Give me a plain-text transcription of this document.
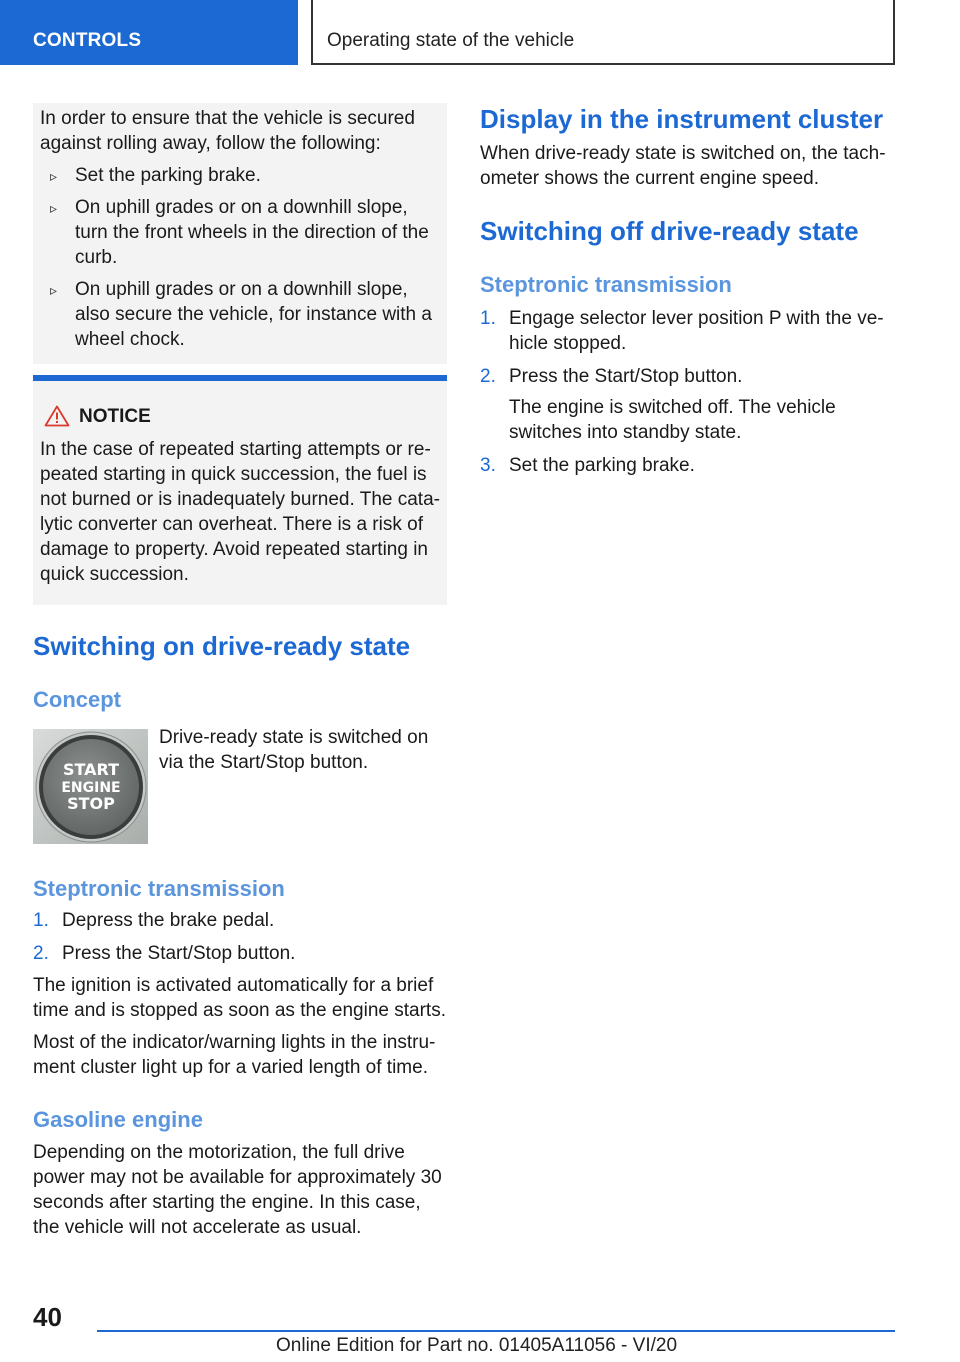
CONTROLS	Operating state of the vehicle

In order to ensure that the vehicle is secured against rolling away, follow the following:

▹ Set the parking brake.
▹ On uphill grades or on a downhill slope, turn the front wheels in the direction of the curb.
▹ On uphill grades or on a downhill slope, also secure the vehicle, for instance with a wheel chock.
NOTICE

In the case of repeated starting attempts or repeated starting in quick succession, the fuel is not burned or is inadequately burned. The catalytic converter can overheat. There is a risk of damage to property. Avoid repeated starting in quick succession.

Switching on drive-ready state
Concept
START
ENGINE
STOP

Drive-ready state is switched on via the Start/Stop button.

Steptronic transmission
1. Depress the brake pedal.
2. Press the Start/Stop button.

The ignition is activated automatically for a brief time and is stopped as soon as the engine starts.

Most of the indicator/warning lights in the instrument cluster light up for a varied length of time.

Gasoline engine

Depending on the motorization, the full drive power may not be available for approximately 30 seconds after starting the engine. In this case, the vehicle will not accelerate as usual.

Display in the instrument cluster

When drive-ready state is switched on, the tachometer shows the current engine speed.

Switching off drive-ready state
Steptronic transmission
1. Engage selector lever position P with the vehicle stopped.
2. Press the Start/Stop button.
The engine is switched off. The vehicle switches into standby state.
3. Set the parking brake.
40
Online Edition for Part no. 01405A11056 - VI/20
